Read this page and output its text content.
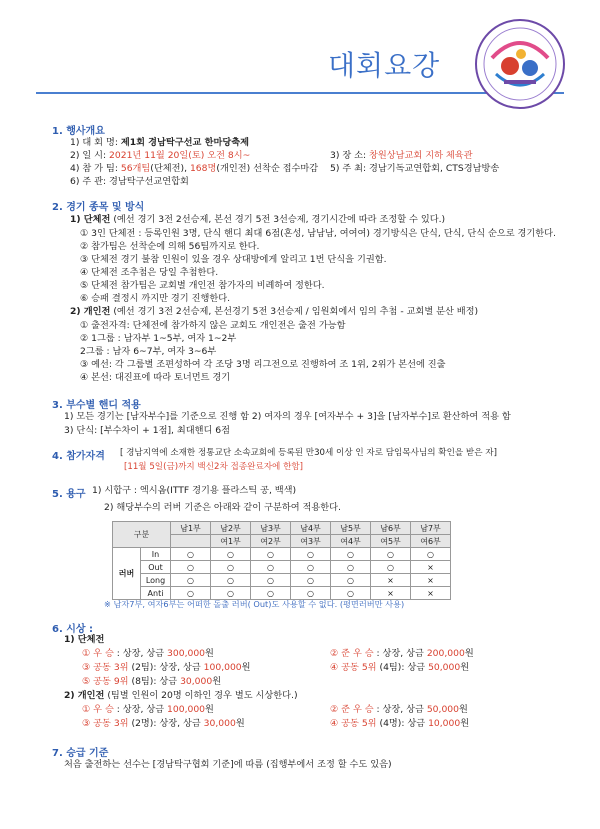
대회요강
1. 행사개요
1) 대 회 명: 제1회 경남탁구선교 한마당축제
2) 일 시: 2021년 11월 20일(토) 오전 8시~	3) 장 소: 창원상남교회 지하 체육관
4) 참 가 팀: 56개팀(단체전), 168명(개인전) 선착순 접수마감 5) 주 최: 경남기독교연합회, CTS경남방송
6) 주 관: 경남탁구선교연합회
2. 경기 종목 및 방식
1) 단체전 (예선 경기 3전 2선승제, 본선 경기 5전 3선승제, 경기시간에 따라 조정할 수 있다.)
① 3인 단체전 : 등록인원 3명, 단식 핸디 최대 6점(혼성, 남남남, 여여여) 경기방식은 단식, 단식, 단식 순으로 경기한다.
② 참가팀은 선착순에 의해 56팀까지로 한다.
③ 단체전 경기 불참 인원이 있을 경우 상대방에게 알리고 1번 단식을 기권함.
④ 단체전 조추첨은 당일 추첨한다.
⑤ 단체전 참가팀은 교회별 개인전 참가자의 비례하여 정한다.
⑥ 승패 결정시 까지만 경기 진행한다.
2) 개인전 (예선 경기 3전 2선승제, 본선경기 5전 3선승제 / 임원회에서 임의 추첨 - 교회별 분산 배정)
① 출전자격: 단체전에 참가하지 않은 교회도 개인전은 출전 가능함
② 1그룹 : 남자부 1~5부, 여자 1~2부
2그룹 : 남자 6~7부, 여자 3~6부
③ 예선: 각 그룹별 조편성하여 각 조당 3명 리그전으로 진행하여 조 1위, 2위가 본선에 진출
④ 본선: 대진표에 따라 토너먼트 경기
3. 부수별 핸디 적용
1) 모든 경기는 [남자부수]를 기준으로 진행 함 2) 여자의 경우 [여자부수 + 3]을 [남자부수]로 환산하여 적용 함
3) 단식: [부수차이 + 1점], 최대핸디 6점
4. 참가자격 [ 경남지역에 소재한 정통교단 소속교회에 등록된 만30세 이상 인 자로 담임목사님의 확인을 받은 자]
[11월 5일(금)까지 백신2차 접종완료자에 한함]
5. 용구 1) 시합구 : 엑시옴(ITTF 경기용 플라스틱 공, 백색)
2) 해당부수의 러버 기준은 아래와 같이 구분하여 적용한다.
구분		남1부	남2부	남3부	남4부	남5부	남6부	남7부
			여1부	여2부	여3부	여4부	여5부	여6부
러버	In	○	○	○	○	○	○	○
	Out	○	○	○	○	○	○	×
	Long	○	○	○	○	○	×	×
	Anti	○	○	○	○	○	×	×
※ 남자7부, 여자6부는 어떠한 돌출 러버( Out)도 사용할 수 없다. (평면러버만 사용)
6. 시상 :
1) 단체전
① 우 승 : 상장, 상금 300,000원	② 준 우 승 : 상장, 상금 200,000원
③ 공동 3위 (2팀): 상장, 상금 100,000원	④ 공동 5위 (4팀): 상금 50,000원
⑤ 공동 9위 (8팀): 상금 30,000원
2) 개인전 (팀별 인원이 20명 이하인 경우 별도 시상한다.)
① 우 승 : 상장, 상금 100,000원	② 준 우 승 : 상장, 상금 50,000원
③ 공동 3위 (2명): 상장, 상금 30,000원	④ 공동 5위 (4명): 상금 10,000원
7. 승급 기준
처음 출전하는 선수는 [경남탁구협회 기준]에 따름 (집행부에서 조정 할 수도 있음)
